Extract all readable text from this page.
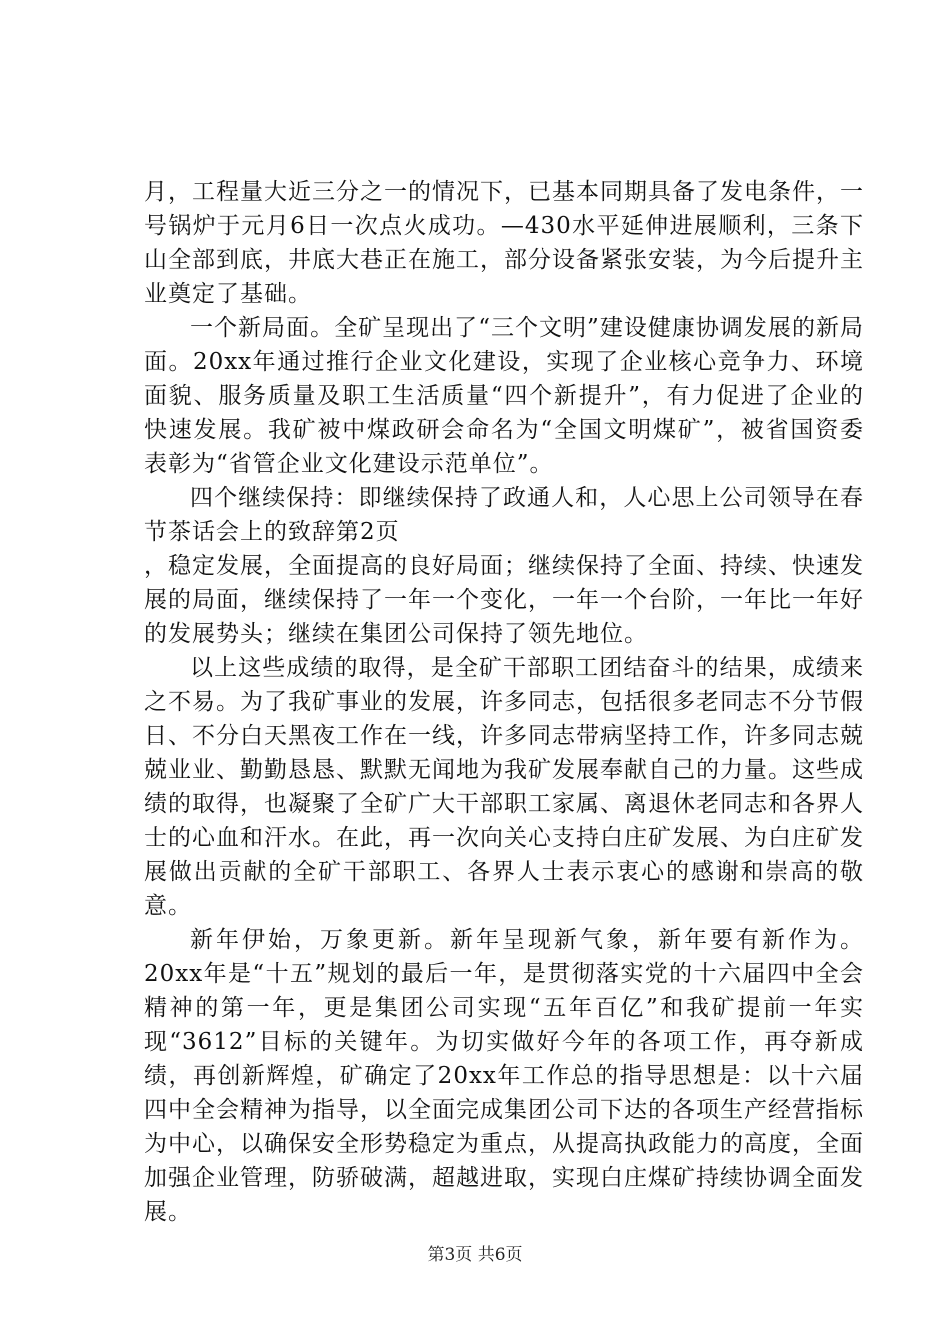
月，工程量大近三分之一的情况下，已基本同期具备了发电条件，一号锅炉于元月6日一次点火成功。—430水平延伸进展顺利，三条下山全部到底，井底大巷正在施工，部分设备紧张安装，为今后提升主业奠定了基础。

一个新局面。全矿呈现出了“三个文明”建设健康协调发展的新局面。20xx年通过推行企业文化建设，实现了企业核心竞争力、环境面貌、服务质量及职工生活质量“四个新提升”，有力促进了企业的快速发展。我矿被中煤政研会命名为“全国文明煤矿”，被省国资委表彰为“省管企业文化建设示范单位”。

四个继续保持：即继续保持了政通人和，人心思上公司领导在春节茶话会上的致辞第2页

，稳定发展，全面提高的良好局面；继续保持了全面、持续、快速发展的局面，继续保持了一年一个变化，一年一个台阶，一年比一年好的发展势头；继续在集团公司保持了领先地位。

以上这些成绩的取得，是全矿干部职工团结奋斗的结果，成绩来之不易。为了我矿事业的发展，许多同志，包括很多老同志不分节假日、不分白天黑夜工作在一线，许多同志带病坚持工作，许多同志兢兢业业、勤勤恳恳、默默无闻地为我矿发展奉献自己的力量。这些成绩的取得，也凝聚了全矿广大干部职工家属、离退休老同志和各界人士的心血和汗水。在此，再一次向关心支持白庄矿发展、为白庄矿发展做出贡献的全矿干部职工、各界人士表示衷心的感谢和崇高的敬意。

新年伊始，万象更新。新年呈现新气象，新年要有新作为。20xx年是“十五”规划的最后一年，是贯彻落实党的十六届四中全会精神的第一年，更是集团公司实现“五年百亿”和我矿提前一年实现“3612”目标的关键年。为切实做好今年的各项工作，再夺新成绩，再创新辉煌，矿确定了20xx年工作总的指导思想是：以十六届四中全会精神为指导，以全面完成集团公司下达的各项生产经营指标为中心，以确保安全形势稳定为重点，从提高执政能力的高度，全面加强企业管理，防骄破满，超越进取，实现白庄煤矿持续协调全面发展。

第3页 共6页
